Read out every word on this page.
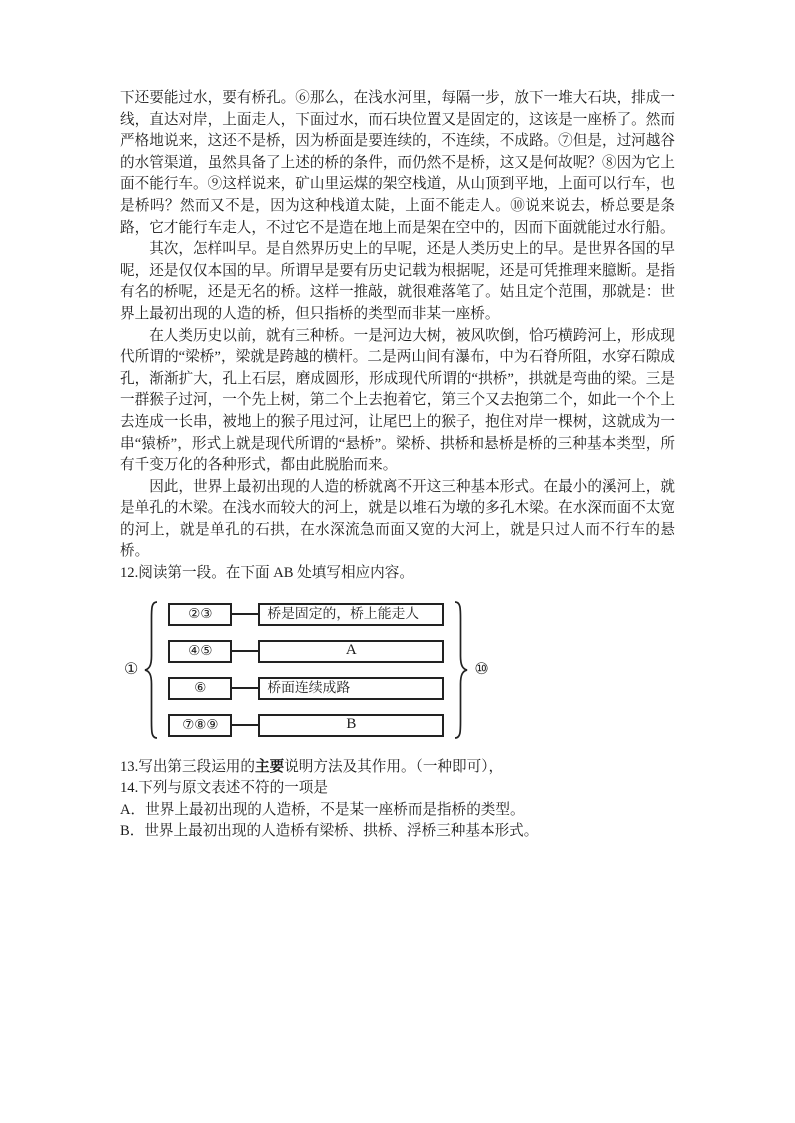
下还要能过水，要有桥孔。⑥那么，在浅水河里，每隔一步，放下一堆大石块，排成一线，直达对岸，上面走人，下面过水，而石块位置又是固定的，这该是一座桥了。然而严格地说来，这还不是桥，因为桥面是要连续的，不连续，不成路。⑦但是，过河越谷的水管渠道，虽然具备了上述的桥的条件，而仍然不是桥，这又是何故呢？⑧因为它上面不能行车。⑨这样说来，矿山里运煤的架空栈道，从山顶到平地，上面可以行车，也是桥吗？然而又不是，因为这种栈道太陡，上面不能走人。⑩说来说去，桥总要是条路，它才能行车走人，不过它不是造在地上而是架在空中的，因而下面就能过水行船。

其次，怎样叫早。是自然界历史上的早呢，还是人类历史上的早。是世界各国的早呢，还是仅仅本国的早。所谓早是要有历史记载为根据呢，还是可凭推理来臆断。是指有名的桥呢，还是无名的桥。这样一推敲，就很难落笔了。姑且定个范围，那就是：世界上最初出现的人造的桥，但只指桥的类型而非某一座桥。

在人类历史以前，就有三种桥。一是河边大树，被风吹倒，恰巧横跨河上，形成现代所谓的“梁桥”，梁就是跨越的横杆。二是两山间有瀑布，中为石脊所阻，水穿石隙成孔，渐渐扩大，孔上石层，磨成圆形，形成现代所谓的“拱桥”，拱就是弯曲的梁。三是一群猴子过河，一个先上树，第二个上去抱着它，第三个又去抱第二个，如此一个个上去连成一长串，被地上的猴子甩过河，让尾巴上的猴子，抱住对岸一棵树，这就成为一串“猿桥”，形式上就是现代所谓的“悬桥”。梁桥、拱桥和悬桥是桥的三种基本类型，所有千变万化的各种形式，都由此脱胎而来。

因此，世界上最初出现的人造的桥就离不开这三种基本形式。在最小的溪河上，就是单孔的木梁。在浅水而较大的河上，就是以堆石为墩的多孔木梁。在水深而面不太宽的河上，就是单孔的石拱，在水深流急而面又宽的大河上，就是只过人而不行车的悬桥。

12.阅读第一段。在下面 AB 处填写相应内容。

①
②③	桥是固定的，桥上能走人
④⑤	A
⑥	桥面连续成路
⑦⑧⑨	B
⑩

13.写出第三段运用的主要说明方法及其作用。（一种即可），

14.下列与原文表述不符的一项是

A．世界上最初出现的人造桥，不是某一座桥而是指桥的类型。

B．世界上最初出现的人造桥有梁桥、拱桥、浮桥三种基本形式。
